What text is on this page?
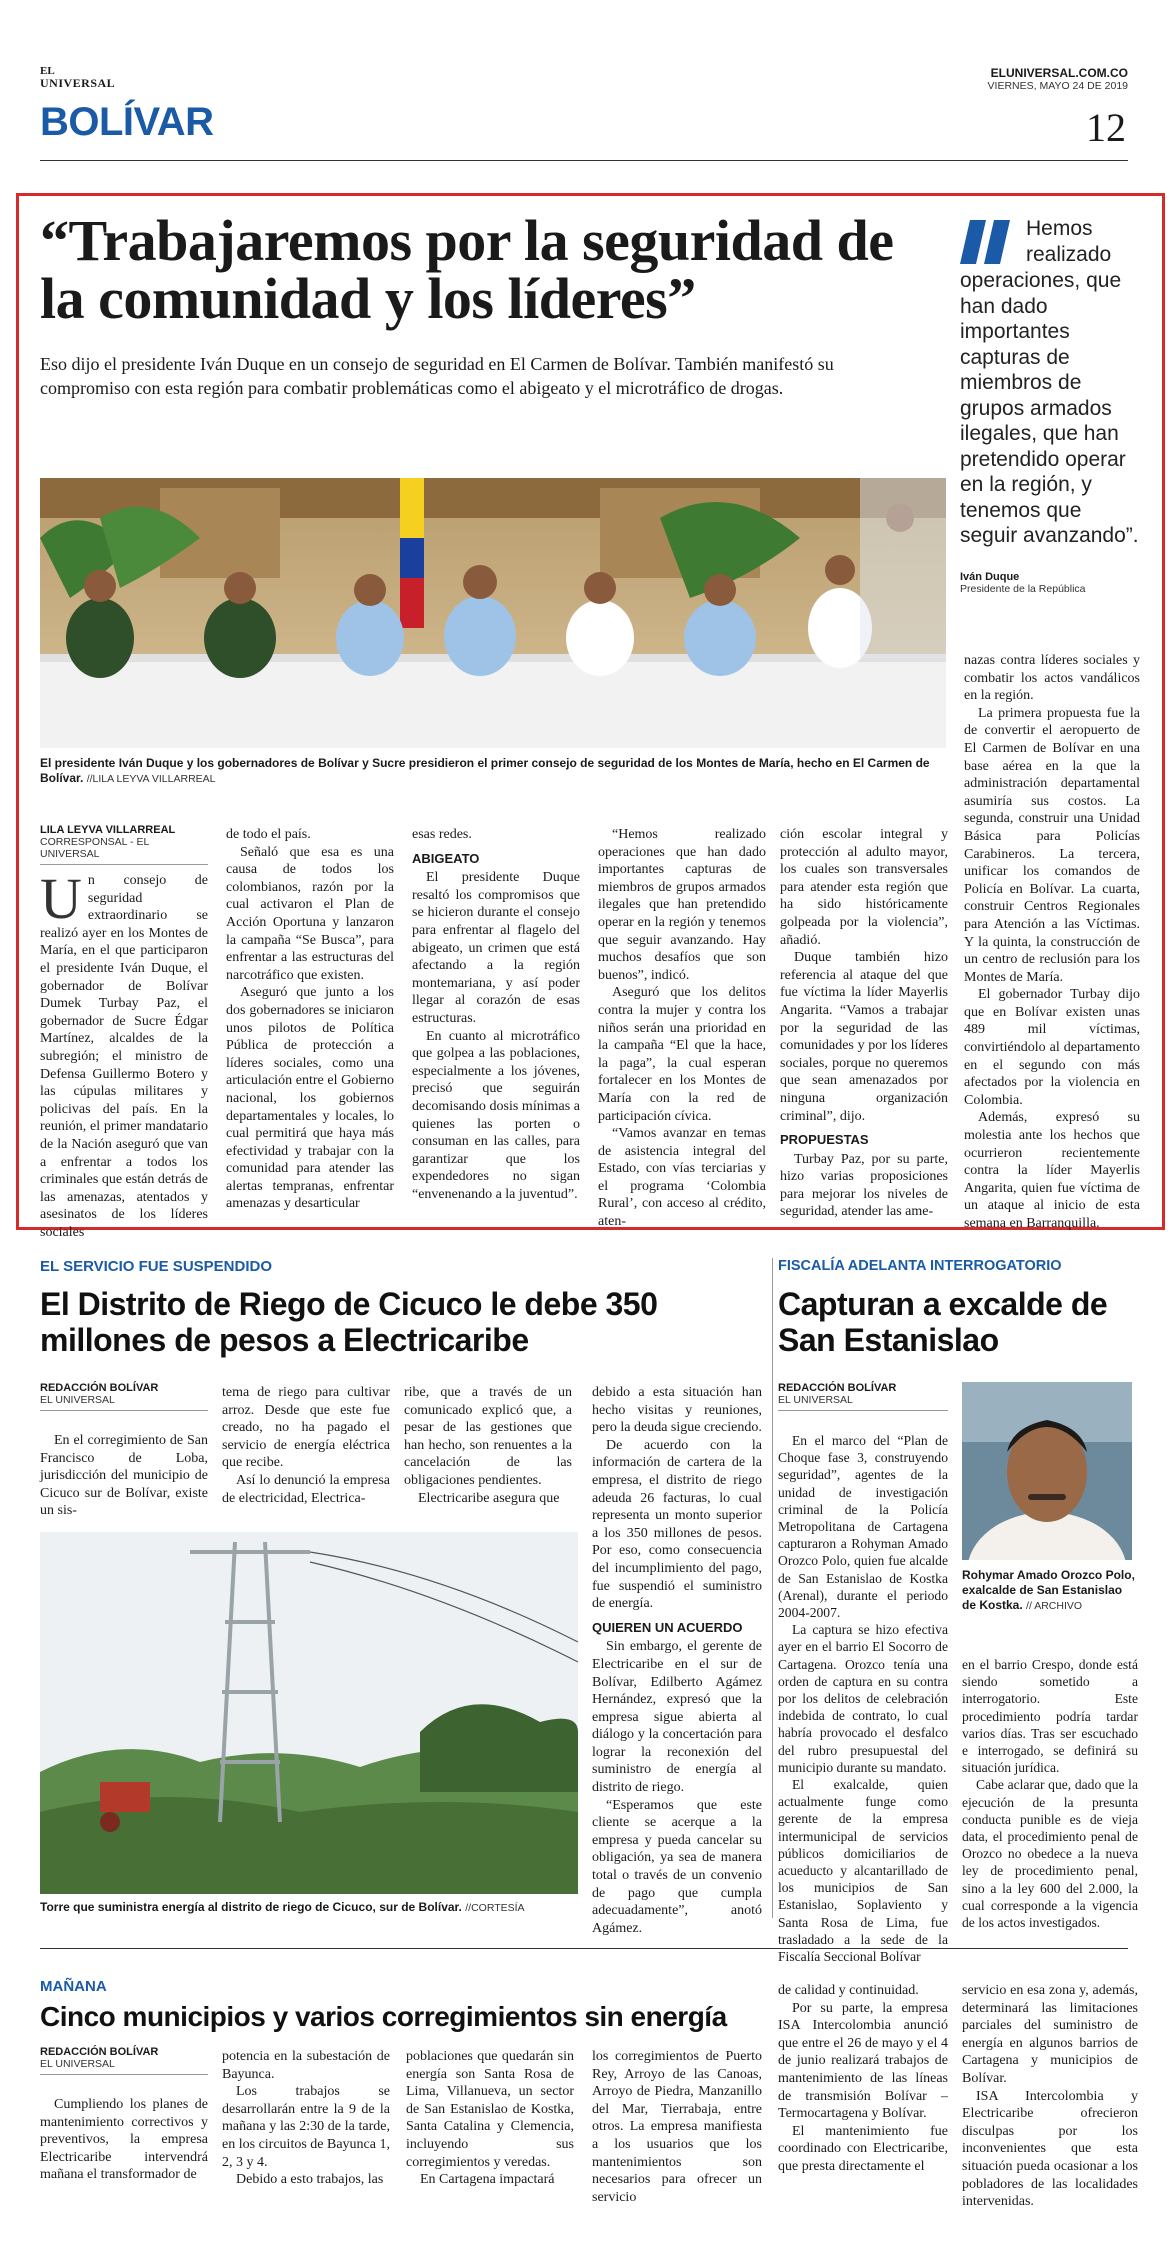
EL
UNIVERSAL
ELUNIVERSAL.COM.CO
VIERNES, MAYO 24 DE 2019
BOLÍVAR	12
“Trabajaremos por la seguridad de la comunidad y los líderes”
Eso dijo el presidente Iván Duque en un consejo de seguridad en El Carmen de Bolívar. También manifestó su compromiso con esta región para combatir problemáticas como el abigeato y el microtráfico de drogas.
Hemos realizado operaciones, que han dado importantes capturas de miembros de grupos armados ilegales, que han pretendido operar en la región, y tenemos que seguir avanzando”.
Iván Duque
Presidente de la República
El presidente Iván Duque y los gobernadores de Bolívar y Sucre presidieron el primer consejo de seguridad de los Montes de María, hecho en El Carmen de Bolívar. //LILA LEYVA VILLARREAL
LILA LEYVA VILLARREAL
CORRESPONSAL - EL UNIVERSAL

Un consejo de seguridad extraordinario se realizó ayer en los Montes de María, en el que participaron el presidente Iván Duque, el gobernador de Bolívar Dumek Turbay Paz, el gobernador de Sucre Édgar Martínez, alcaldes de la subregión; el ministro de Defensa Guillermo Botero y las cúpulas militares y policivas del país. En la reunión, el primer mandatario de la Nación aseguró que van a enfrentar a todos los criminales que están detrás de las amenazas, atentados y asesinatos de los líderes sociales

de todo el país.

Señaló que esa es una causa de todos los colombianos, razón por la cual activaron el Plan de Acción Oportuna y lanzaron la campaña “Se Busca”, para enfrentar a las estructuras del narcotráfico que existen.

Aseguró que junto a los dos gobernadores se iniciaron unos pilotos de Política Pública de protección a líderes sociales, como una articulación entre el Gobierno nacional, los gobiernos departamentales y locales, lo cual permitirá que haya más efectividad y trabajar con la comunidad para atender las alertas tempranas, enfrentar amenazas y desarticular

esas redes.

ABIGEATO

El presidente Duque resaltó los compromisos que se hicieron durante el consejo para enfrentar al flagelo del abigeato, un crimen que está afectando a la región montemariana, y así poder llegar al corazón de esas estructuras.

En cuanto al microtráfico que golpea a las poblaciones, especialmente a los jóvenes, precisó que seguirán decomisando dosis mínimas a quienes las porten o consuman en las calles, para garantizar que los expendedores no sigan “envenenando a la juventud”.

“Hemos realizado operaciones que han dado importantes capturas de miembros de grupos armados ilegales que han pretendido operar en la región y tenemos que seguir avanzando. Hay muchos desafíos que son buenos”, indicó.

Aseguró que los delitos contra la mujer y contra los niños serán una prioridad en la campaña “El que la hace, la paga”, la cual esperan fortalecer en los Montes de María con la red de participación cívica.

“Vamos avanzar en temas de asistencia integral del Estado, con vías terciarias y el programa ‘Colombia Rural’, con acceso al crédito, aten-

ción escolar integral y protección al adulto mayor, los cuales son transversales para atender esta región que ha sido históricamente golpeada por la violencia”, añadió.

Duque también hizo referencia al ataque del que fue víctima la líder Mayerlis Angarita. “Vamos a trabajar por la seguridad de las comunidades y por los líderes sociales, porque no queremos que sean amenazados por ninguna organización criminal”, dijo.

PROPUESTAS

Turbay Paz, por su parte, hizo varias proposiciones para mejorar los niveles de seguridad, atender las ame-

nazas contra líderes sociales y combatir los actos vandálicos en la región.

La primera propuesta fue la de convertir el aeropuerto de El Carmen de Bolívar en una base aérea en la que la administración departamental asumiría sus costos. La segunda, construir una Unidad Básica para Policías Carabineros. La tercera, unificar los comandos de Policía en Bolívar. La cuarta, construir Centros Regionales para Atención a las Víctimas. Y la quinta, la construcción de un centro de reclusión para los Montes de María.

El gobernador Turbay dijo que en Bolívar existen unas 489 mil víctimas, convirtiéndolo al departamento en el segundo con más afectados por la violencia en Colombia.

Además, expresó su molestia ante los hechos que ocurrieron recientemente contra la líder Mayerlis Angarita, quien fue víctima de un ataque al inicio de esta semana en Barranquilla.

EL SERVICIO FUE SUSPENDIDO
El Distrito de Riego de Cicuco le debe 350 millones de pesos a Electricaribe
REDACCIÓN BOLÍVAR
EL UNIVERSAL

En el corregimiento de San Francisco de Loba, jurisdicción del municipio de Cicuco sur de Bolívar, existe un sis-

tema de riego para cultivar arroz. Desde que este fue creado, no ha pagado el servicio de energía eléctrica que recibe.

Así lo denunció la empresa de electricidad, Electrica-

ribe, que a través de un comunicado explicó que, a pesar de las gestiones que han hecho, son renuentes a la cancelación de las obligaciones pendientes.

Electricaribe asegura que

debido a esta situación han hecho visitas y reuniones, pero la deuda sigue creciendo.

De acuerdo con la información de cartera de la empresa, el distrito de riego adeuda 26 facturas, lo cual representa un monto superior a los 350 millones de pesos. Por eso, como consecuencia del incumplimiento del pago, fue suspendió el suministro de energía.

QUIEREN UN ACUERDO

Sin embargo, el gerente de Electricaribe en el sur de Bolívar, Edilberto Agámez Hernández, expresó que la empresa sigue abierta al diálogo y la concertación para lograr la reconexión del suministro de energía al distrito de riego.

“Esperamos que este cliente se acerque a la empresa y pueda cancelar su obligación, ya sea de manera total o través de un convenio de pago que cumpla adecuadamente”, anotó Agámez.

Torre que suministra energía al distrito de riego de Cicuco, sur de Bolívar. //CORTESÍA
FISCALÍA ADELANTA INTERROGATORIO
Capturan a excalde de San Estanislao
REDACCIÓN BOLÍVAR
EL UNIVERSAL

En el marco del “Plan de Choque fase 3, construyendo seguridad”, agentes de la unidad de investigación criminal de la Policía Metropolitana de Cartagena capturaron a Rohyman Amado Orozco Polo, quien fue alcalde de San Estanislao de Kostka (Arenal), durante el periodo 2004-2007.

La captura se hizo efectiva ayer en el barrio El Socorro de Cartagena. Orozco tenía una orden de captura en su contra por los delitos de celebración indebida de contrato, lo cual habría provocado el desfalco del rubro presupuestal del municipio durante su mandato.

El exalcalde, quien actualmente funge como gerente de la empresa intermunicipal de servicios públicos domiciliarios de acueducto y alcantarillado de los municipios de San Estanislao, Soplaviento y Santa Rosa de Lima, fue trasladado a la sede de la Fiscalía Seccional Bolívar

Rohymar Amado Orozco Polo, exalcalde de San Estanislao de Kostka. // ARCHIVO

en el barrio Crespo, donde está siendo sometido a interrogatorio. Este procedimiento podría tardar varios días. Tras ser escuchado e interrogado, se definirá su situación jurídica.

Cabe aclarar que, dado que la ejecución de la presunta conducta punible es de vieja data, el procedimiento penal de Orozco no obedece a la nueva ley de procedimiento penal, sino a la ley 600 del 2.000, la cual corresponde a la vigencia de los actos investigados.

MAÑANA
Cinco municipios y varios corregimientos sin energía
REDACCIÓN BOLÍVAR
EL UNIVERSAL

Cumpliendo los planes de mantenimiento correctivos y preventivos, la empresa Electricaribe intervendrá mañana el transformador de

potencia en la subestación de Bayunca.

Los trabajos se desarrollarán entre la 9 de la mañana y las 2:30 de la tarde, en los circuitos de Bayunca 1, 2, 3 y 4.

Debido a esto trabajos, las

poblaciones que quedarán sin energía son Santa Rosa de Lima, Villanueva, un sector de San Estanislao de Kostka, Santa Catalina y Clemencia, incluyendo sus corregimientos y veredas.

En Cartagena impactará

los corregimientos de Puerto Rey, Arroyo de las Canoas, Arroyo de Piedra, Manzanillo del Mar, Tierrabaja, entre otros. La empresa manifiesta a los usuarios que los mantenimientos son necesarios para ofrecer un servicio

de calidad y continuidad.

Por su parte, la empresa ISA Intercolombia anunció que entre el 26 de mayo y el 4 de junio realizará trabajos de mantenimiento de las líneas de transmisión Bolívar – Termocartagena y Bolívar.

El mantenimiento fue coordinado con Electricaribe, que presta directamente el

servicio en esa zona y, además, determinará las limitaciones parciales del suministro de energía en algunos barrios de Cartagena y municipios de Bolívar.

ISA Intercolombia y Electricaribe ofrecieron disculpas por los inconvenientes que esta situación pueda ocasionar a los pobladores de las localidades intervenidas.
